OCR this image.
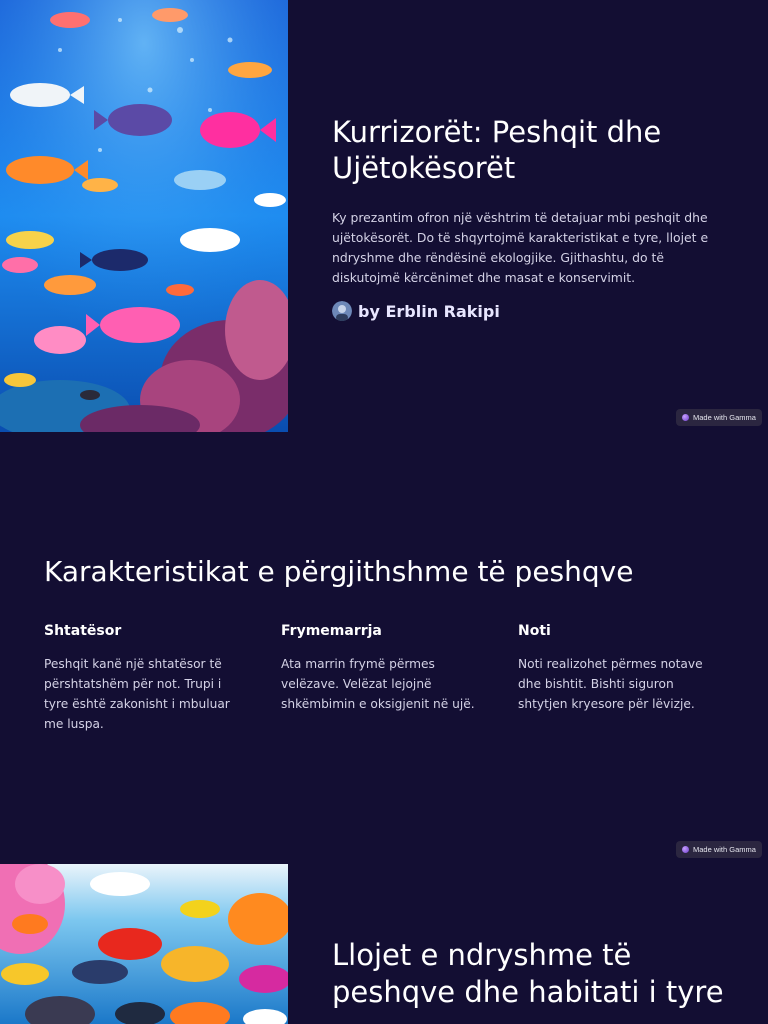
Kurrizorët: Peshqit dhe Ujëtokësorët

Ky prezantim ofron një vështrim të detajuar mbi peshqit dhe ujëtokësorët. Do të shqyrtojmë karakteristikat e tyre, llojet e ndryshme dhe rëndësinë ekologjike. Gjithashtu, do të diskutojmë kërcënimet dhe masat e konservimit.

by Erblin Rakipi
Made with Gamma
Karakteristikat e përgjithshme të peshqve
Shtatësor

Peshqit kanë një shtatësor të përshtatshëm për not. Trupi i tyre është zakonisht i mbuluar me luspa.

Frymemarrja

Ata marrin frymë përmes velëzave. Velëzat lejojnë shkëmbimin e oksigjenit në ujë.

Noti

Noti realizohet përmes notave dhe bishtit. Bishti siguron shtytjen kryesore për lëvizje.

Made with Gamma
Llojet e ndryshme të peshqve dhe habitati i tyre
